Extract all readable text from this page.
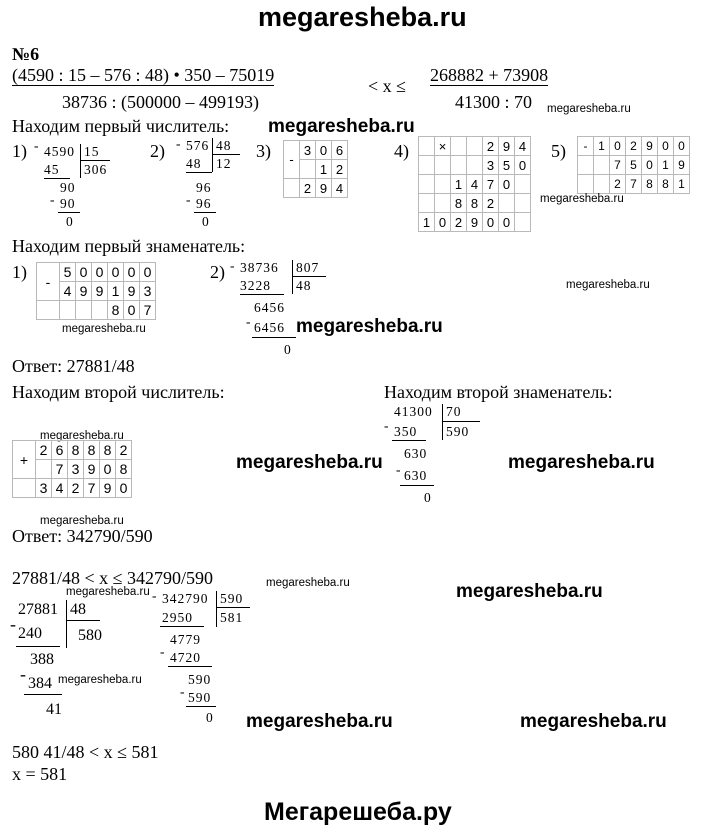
megaresheba.ru
№6
(4590 : 15 – 576 : 48) • 350 – 75019
38736 : (500000 – 499193)
< x ≤
268882 + 73908
41300 : 70 megaresheba.ru
Находим первый числитель: megaresheba.ru
1) - 4590 15
306
45
90
- 90
0
2) - 576 48
12
48
96
- 96
0
3) -	3	0	6
		1	2
	2	9	4
4)
	×			2	9	4
				3	5	0
		1	4	7	0	
		8	8	2		
1	0	2	9	0	0	
5) -	1	0	2	9	0	0
		7	5	0	1	9
		2	7	8	8	1
megaresheba.ru
Находим первый знаменатель:
1) -	5	0	0	0	0	0
	4	9	9	1	9	3
				8	0	7
megaresheba.ru
2) - 38736 807
48
3228
6456
- 6456
0
megaresheba.ru
megaresheba.ru
Ответ: 27881/48
Находим второй числитель:	Находим второй знаменатель:
megaresheba.ru
+	2	6	8	8	8	2
		7	3	9	0	8
	3	4	2	7	9	0
megaresheba.ru	megaresheba.ru
41300 70
590
- 350
630
- 630
0
megaresheba.ru
Ответ: 342790/590
27881/48 < x ≤ 342790/590	megaresheba.ru	megaresheba.ru
megaresheba.ru
27881 48
580
- 240
388
- 384 megaresheba.ru
41
- 342790 590
581
2950
4779
- 4720
590
- 590
0 megaresheba.ru	megaresheba.ru
580 41/48 < x ≤ 581
x = 581
Мегарешеба.ру
